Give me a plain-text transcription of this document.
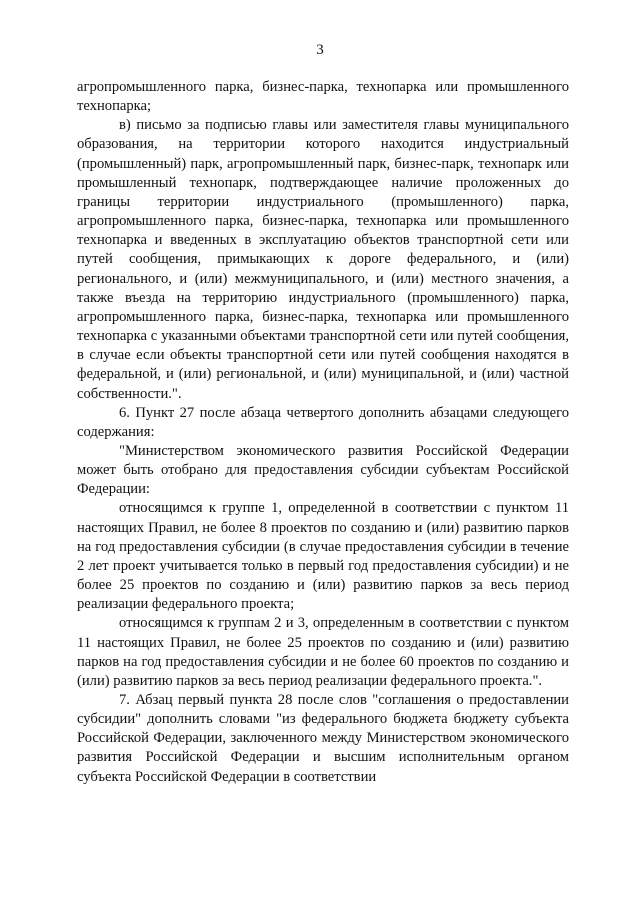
3

агропромышленного парка, бизнес-парка, технопарка или промышленного технопарка;

в) письмо за подписью главы или заместителя главы муниципального образования, на территории которого находится индустриальный (промышленный) парк, агропромышленный парк, бизнес-парк, технопарк или промышленный технопарк, подтверждающее наличие проложенных до границы территории индустриального (промышленного) парка, агропромышленного парка, бизнес-парка, технопарка или промышленного технопарка и введенных в эксплуатацию объектов транспортной сети или путей сообщения, примыкающих к дороге федерального, и (или) регионального, и (или) межмуниципального, и (или) местного значения, а также въезда на территорию индустриального (промышленного) парка, агропромышленного парка, бизнес-парка, технопарка или промышленного технопарка с указанными объектами транспортной сети или путей сообщения, в случае если объекты транспортной сети или путей сообщения находятся в федеральной, и (или) региональной, и (или) муниципальной, и (или) частной собственности.".

6. Пункт 27 после абзаца четвертого дополнить абзацами следующего содержания:

"Министерством экономического развития Российской Федерации может быть отобрано для предоставления субсидии субъектам Российской Федерации:

относящимся к группе 1, определенной в соответствии с пунктом 11 настоящих Правил, не более 8 проектов по созданию и (или) развитию парков на год предоставления субсидии (в случае предоставления субсидии в течение 2 лет проект учитывается только в первый год предоставления субсидии) и не более 25 проектов по созданию и (или) развитию парков за весь период реализации федерального проекта;

относящимся к группам 2 и 3, определенным в соответствии с пунктом 11 настоящих Правил, не более 25 проектов по созданию и (или) развитию парков на год предоставления субсидии и не более 60 проектов по созданию и (или) развитию парков за весь период реализации федерального проекта.".

7. Абзац первый пункта 28 после слов "соглашения о предоставлении субсидии" дополнить словами "из федерального бюджета бюджету субъекта Российской Федерации, заключенного между Министерством экономического развития Российской Федерации и высшим исполнительным органом субъекта Российской Федерации в соответствии
